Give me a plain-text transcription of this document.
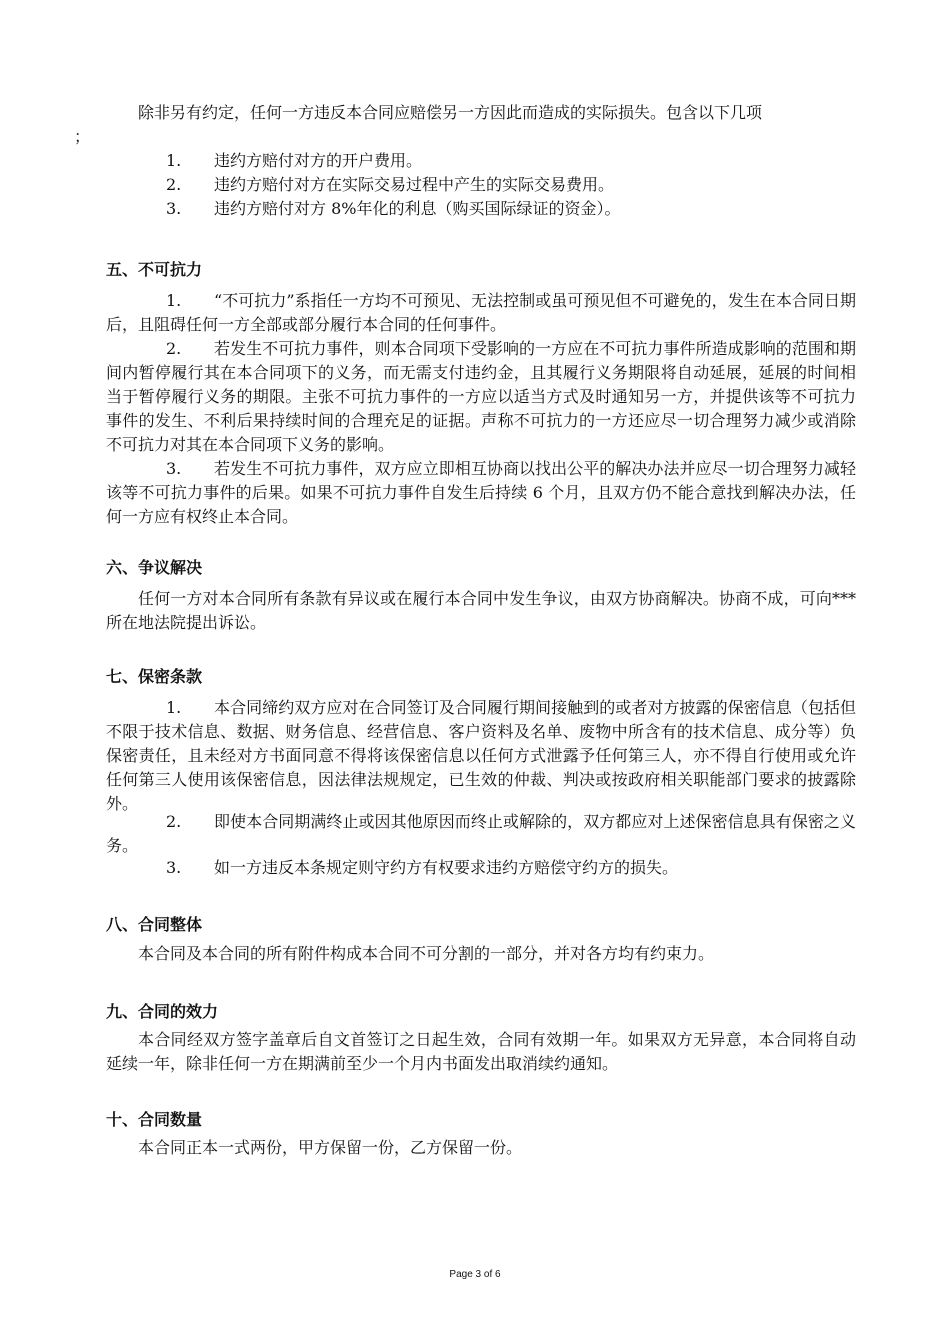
除非另有约定，任何一方违反本合同应赔偿另一方因此而造成的实际损失。包含以下几项
；

1. 违约方赔付对方的开户费用。

2. 违约方赔付对方在实际交易过程中产生的实际交易费用。

3. 违约方赔付对方 8%年化的利息（购买国际绿证的资金）。

五、不可抗力

1. “不可抗力”系指任一方均不可预见、无法控制或虽可预见但不可避免的，发生在本合同日期后，且阻碍任何一方全部或部分履行本合同的任何事件。

2. 若发生不可抗力事件，则本合同项下受影响的一方应在不可抗力事件所造成影响的范围和期间内暂停履行其在本合同项下的义务，而无需支付违约金，且其履行义务期限将自动延展，延展的时间相当于暂停履行义务的期限。主张不可抗力事件的一方应以适当方式及时通知另一方，并提供该等不可抗力事件的发生、不利后果持续时间的合理充足的证据。声称不可抗力的一方还应尽一切合理努力减少或消除不可抗力对其在本合同项下义务的影响。

3. 若发生不可抗力事件，双方应立即相互协商以找出公平的解决办法并应尽一切合理努力减轻该等不可抗力事件的后果。如果不可抗力事件自发生后持续 6 个月，且双方仍不能合意找到解决办法，任何一方应有权终止本合同。

六、争议解决

任何一方对本合同所有条款有异议或在履行本合同中发生争议，由双方协商解决。协商不成，可向***所在地法院提出诉讼。

七、保密条款

1. 本合同缔约双方应对在合同签订及合同履行期间接触到的或者对方披露的保密信息（包括但不限于技术信息、数据、财务信息、经营信息、客户资料及名单、废物中所含有的技术信息、成分等）负保密责任，且未经对方书面同意不得将该保密信息以任何方式泄露予任何第三人，亦不得自行使用或允许任何第三人使用该保密信息，因法律法规规定，已生效的仲裁、判决或按政府相关职能部门要求的披露除外。

2. 即使本合同期满终止或因其他原因而终止或解除的，双方都应对上述保密信息具有保密之义务。

3. 如一方违反本条规定则守约方有权要求违约方赔偿守约方的损失。

八、合同整体

本合同及本合同的所有附件构成本合同不可分割的一部分，并对各方均有约束力。

九、合同的效力

本合同经双方签字盖章后自文首签订之日起生效，合同有效期一年。如果双方无异意，本合同将自动延续一年，除非任何一方在期满前至少一个月内书面发出取消续约通知。

十、合同数量

本合同正本一式两份，甲方保留一份，乙方保留一份。

Page 3 of 6
